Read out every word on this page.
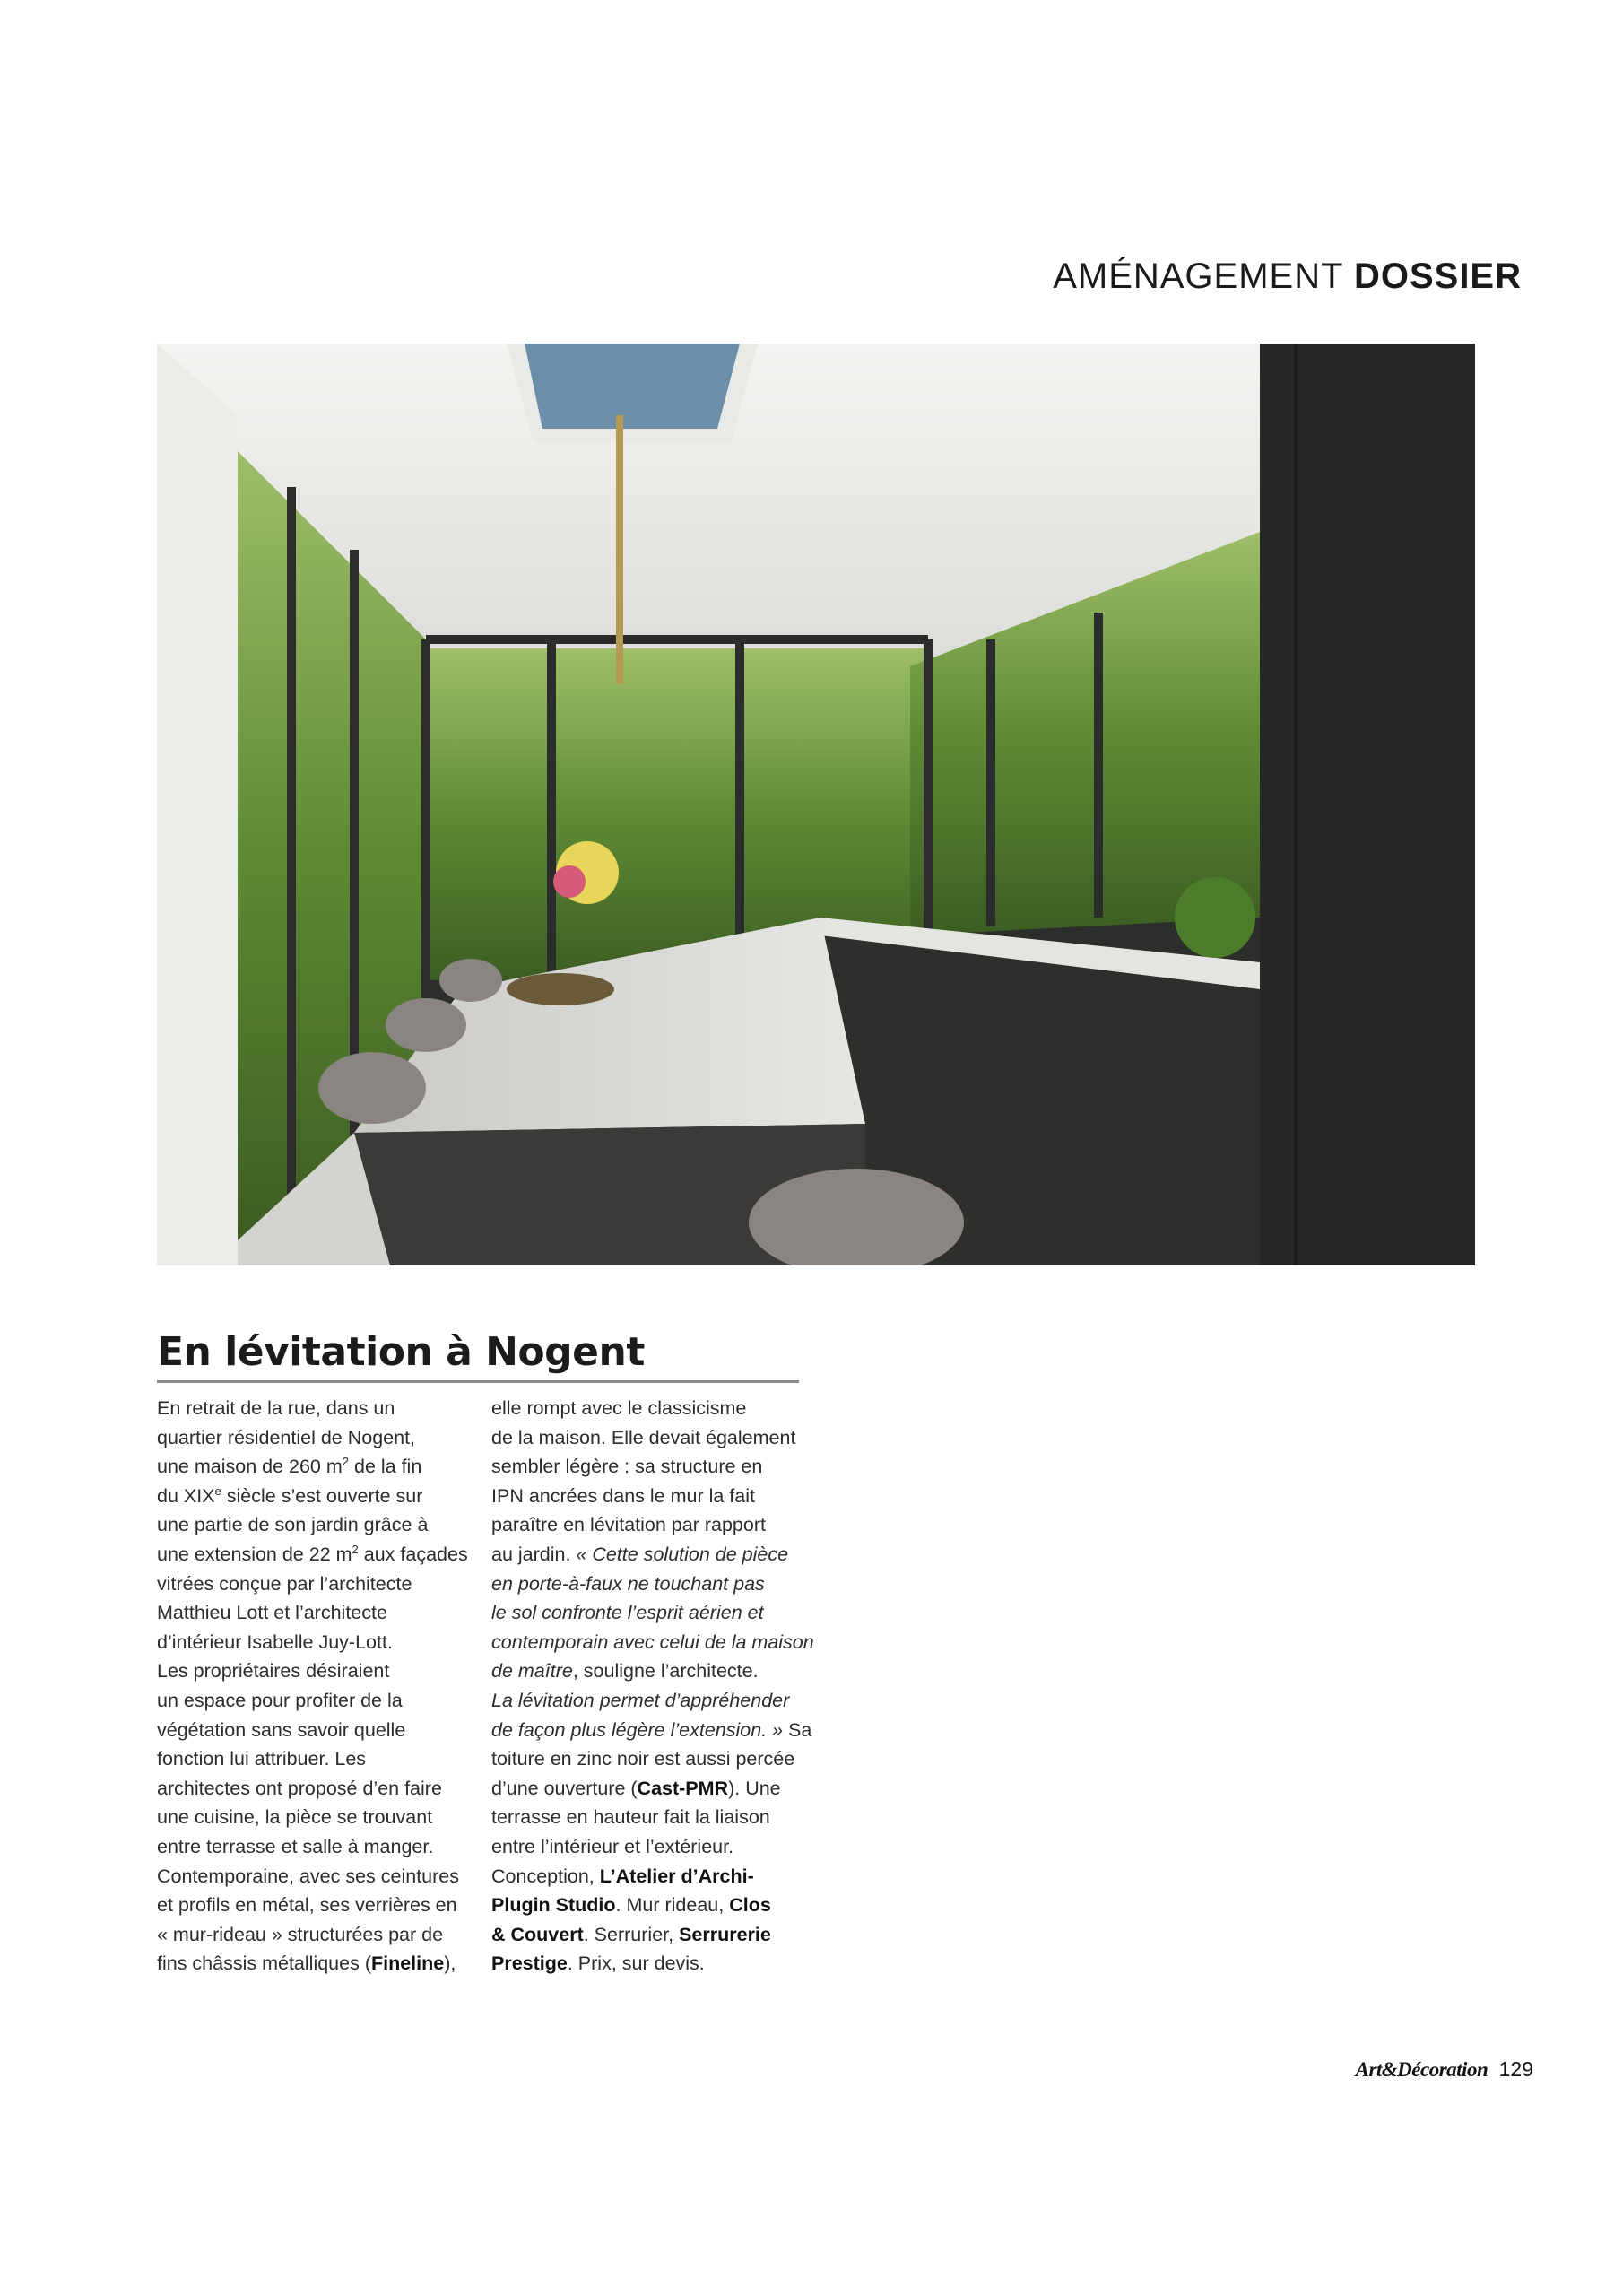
AMÉNAGEMENT DOSSIER
En lévitation à Nogent

En retrait de la rue, dans un

quartier résidentiel de Nogent,

une maison de 260 $m^2$ de la fin

du XIXe siècle s’est ouverte sur

une partie de son jardin grâce à

une extension de 22 $m^2$ aux façades

vitrées conçue par l’architecte

Matthieu Lott et l’architecte

d’intérieur Isabelle Juy-Lott.

Les propriétaires désiraient

un espace pour profiter de la

végétation sans savoir quelle

fonction lui attribuer. Les

architectes ont proposé d’en faire

une cuisine, la pièce se trouvant

entre terrasse et salle à manger.

Contemporaine, avec ses ceintures

et profils en métal, ses verrières en

« mur-rideau » structurées par de

fins châssis métalliques (Fineline),

elle rompt avec le classicisme

de la maison. Elle devait également

sembler légère : sa structure en

IPN ancrées dans le mur la fait

paraître en lévitation par rapport

au jardin. « Cette solution de pièce

en porte-à-faux ne touchant pas

le sol confronte l’esprit aérien et

contemporain avec celui de la maison

de maître, souligne l’architecte.

La lévitation permet d’appréhender

de façon plus légère l’extension. » Sa

toiture en zinc noir est aussi percée

d’une ouverture (Cast-PMR). Une

terrasse en hauteur fait la liaison

entre l’intérieur et l’extérieur.

Conception, L’Atelier d’Archi-

Plugin Studio. Mur rideau, Clos

& Couvert. Serrurier, Serrurerie

Prestige. Prix, sur devis.

Art&Décoration 129
